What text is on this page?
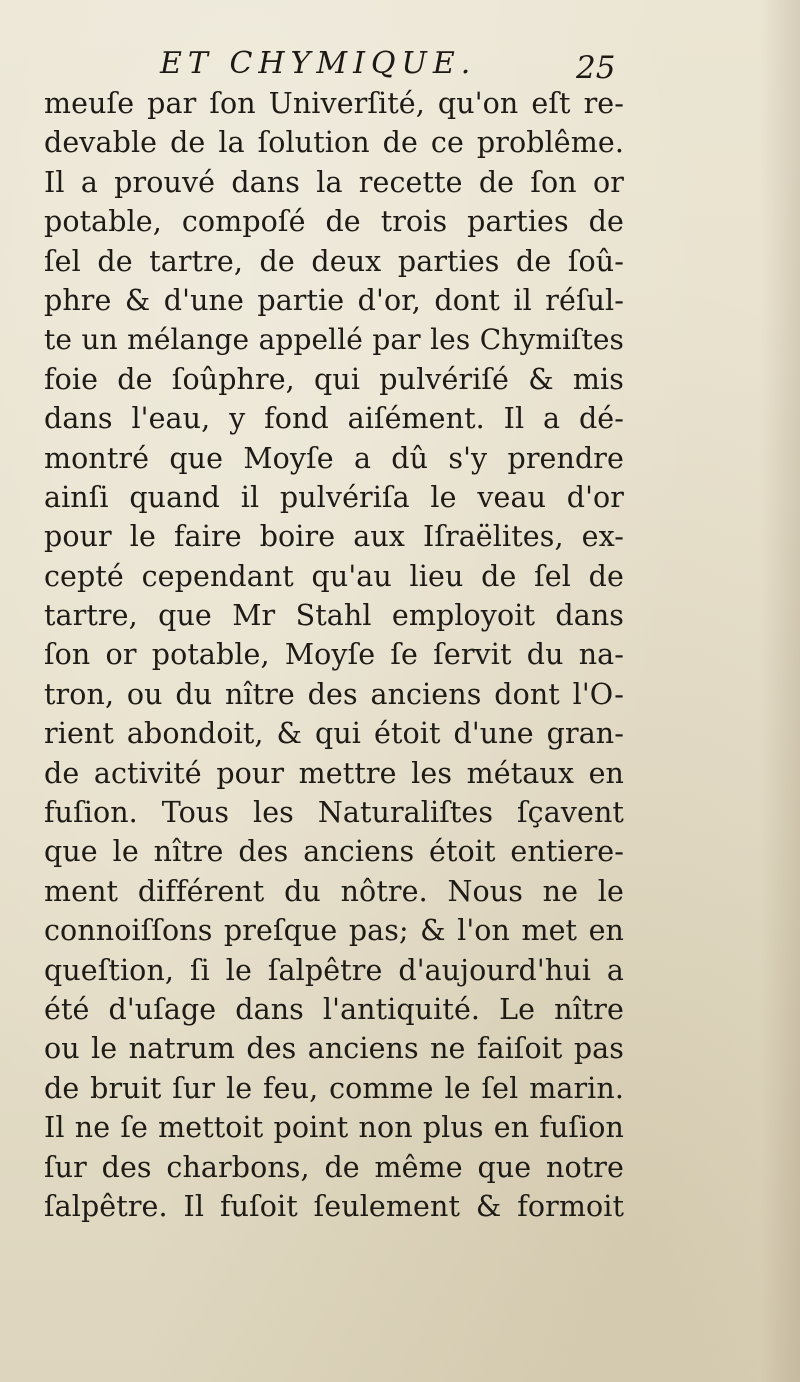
ET CHYMIQUE.	25
meuſe par ſon Univerſité, qu'on eſt re-
devable de la ſolution de ce problême.
Il a prouvé dans la recette de ſon or
potable, compoſé de trois parties de
ſel de tartre, de deux parties de ſoû-
phre & d'une partie d'or, dont il réſul-
te un mélange appellé par les Chymiſtes
foie de ſoûphre, qui pulvériſé & mis
dans l'eau, y fond aiſément. Il a dé-
montré que Moyſe a dû s'y prendre
ainſi quand il pulvériſa le veau d'or
pour le faire boire aux Iſraëlites, ex-
cepté cependant qu'au lieu de ſel de
tartre, que Mr Stahl employoit dans
ſon or potable, Moyſe ſe ſervit du na-
tron, ou du nître des anciens dont l'O-
rient abondoit, & qui étoit d'une gran-
de activité pour mettre les métaux en
fuſion. Tous les Naturaliſtes ſçavent
que le nître des anciens étoit entiere-
ment différent du nôtre. Nous ne le
connoiſſons preſque pas; & l'on met en
queſtion, ſi le ſalpêtre d'aujourd'hui a
été d'uſage dans l'antiquité. Le nître
ou le natrum des anciens ne faiſoit pas
de bruit ſur le feu, comme le ſel marin.
Il ne ſe mettoit point non plus en fuſion
ſur des charbons, de même que notre
ſalpêtre. Il fuſoit ſeulement & formoit
